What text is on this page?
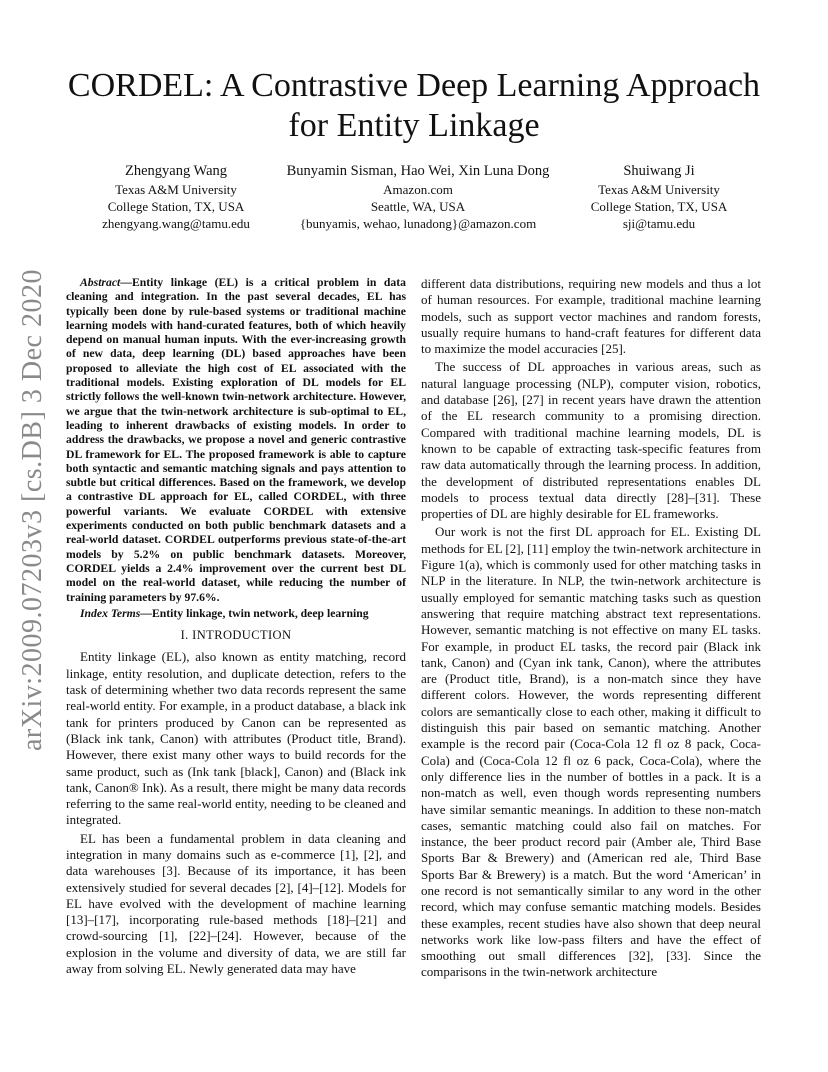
arXiv:2009.07203v3 [cs.DB] 3 Dec 2020
CORDEL: A Contrastive Deep Learning Approach
for Entity Linkage
Zhengyang Wang
Texas A&M University
College Station, TX, USA
zhengyang.wang@tamu.edu
Bunyamin Sisman, Hao Wei, Xin Luna Dong
Amazon.com
Seattle, WA, USA
{bunyamis, wehao, lunadong}@amazon.com
Shuiwang Ji
Texas A&M University
College Station, TX, USA
sji@tamu.edu

Abstract—Entity linkage (EL) is a critical problem in data cleaning and integration. In the past several decades, EL has typically been done by rule-based systems or traditional machine learning models with hand-curated features, both of which heavily depend on manual human inputs. With the ever-increasing growth of new data, deep learning (DL) based approaches have been proposed to alleviate the high cost of EL associated with the traditional models. Existing exploration of DL models for EL strictly follows the well-known twin-network architecture. However, we argue that the twin-network architecture is sub-optimal to EL, leading to inherent drawbacks of existing models. In order to address the drawbacks, we propose a novel and generic contrastive DL framework for EL. The proposed framework is able to capture both syntactic and semantic matching signals and pays attention to subtle but critical differences. Based on the framework, we develop a contrastive DL approach for EL, called CORDEL, with three powerful variants. We evaluate CORDEL with extensive experiments conducted on both public benchmark datasets and a real-world dataset. CORDEL outperforms previous state-of-the-art models by 5.2% on public benchmark datasets. Moreover, CORDEL yields a 2.4% improvement over the current best DL model on the real-world dataset, while reducing the number of training parameters by 97.6%.

Index Terms—Entity linkage, twin network, deep learning

I. INTRODUCTION

Entity linkage (EL), also known as entity matching, record linkage, entity resolution, and duplicate detection, refers to the task of determining whether two data records represent the same real-world entity. For example, in a product database, a black ink tank for printers produced by Canon can be represented as (Black ink tank, Canon) with attributes (Product title, Brand). However, there exist many other ways to build records for the same product, such as (Ink tank [black], Canon) and (Black ink tank, Canon® Ink). As a result, there might be many data records referring to the same real-world entity, needing to be cleaned and integrated.

EL has been a fundamental problem in data cleaning and integration in many domains such as e-commerce [1], [2], and data warehouses [3]. Because of its importance, it has been extensively studied for several decades [2], [4]–[12]. Models for EL have evolved with the development of machine learning [13]–[17], incorporating rule-based methods [18]–[21] and crowd-sourcing [1], [22]–[24]. However, because of the explosion in the volume and diversity of data, we are still far away from solving EL. Newly generated data may have

different data distributions, requiring new models and thus a lot of human resources. For example, traditional machine learning models, such as support vector machines and random forests, usually require humans to hand-craft features for different data to maximize the model accuracies [25].

The success of DL approaches in various areas, such as natural language processing (NLP), computer vision, robotics, and database [26], [27] in recent years have drawn the attention of the EL research community to a promising direction. Compared with traditional machine learning models, DL is known to be capable of extracting task-specific features from raw data automatically through the learning process. In addition, the development of distributed representations enables DL models to process textual data directly [28]–[31]. These properties of DL are highly desirable for EL frameworks.

Our work is not the first DL approach for EL. Existing DL methods for EL [2], [11] employ the twin-network architecture in Figure 1(a), which is commonly used for other matching tasks in NLP in the literature. In NLP, the twin-network architecture is usually employed for semantic matching tasks such as question answering that require matching abstract text representations. However, semantic matching is not effective on many EL tasks. For example, in product EL tasks, the record pair (Black ink tank, Canon) and (Cyan ink tank, Canon), where the attributes are (Product title, Brand), is a non-match since they have different colors. However, the words representing different colors are semantically close to each other, making it difficult to distinguish this pair based on semantic matching. Another example is the record pair (Coca-Cola 12 fl oz 8 pack, Coca-Cola) and (Coca-Cola 12 fl oz 6 pack, Coca-Cola), where the only difference lies in the number of bottles in a pack. It is a non-match as well, even though words representing numbers have similar semantic meanings. In addition to these non-match cases, semantic matching could also fail on matches. For instance, the beer product record pair (Amber ale, Third Base Sports Bar & Brewery) and (American red ale, Third Base Sports Bar & Brewery) is a match. But the word ‘American’ in one record is not semantically similar to any word in the other record, which may confuse semantic matching models. Besides these examples, recent studies have also shown that deep neural networks work like low-pass filters and have the effect of smoothing out small differences [32], [33]. Since the comparisons in the twin-network architecture
